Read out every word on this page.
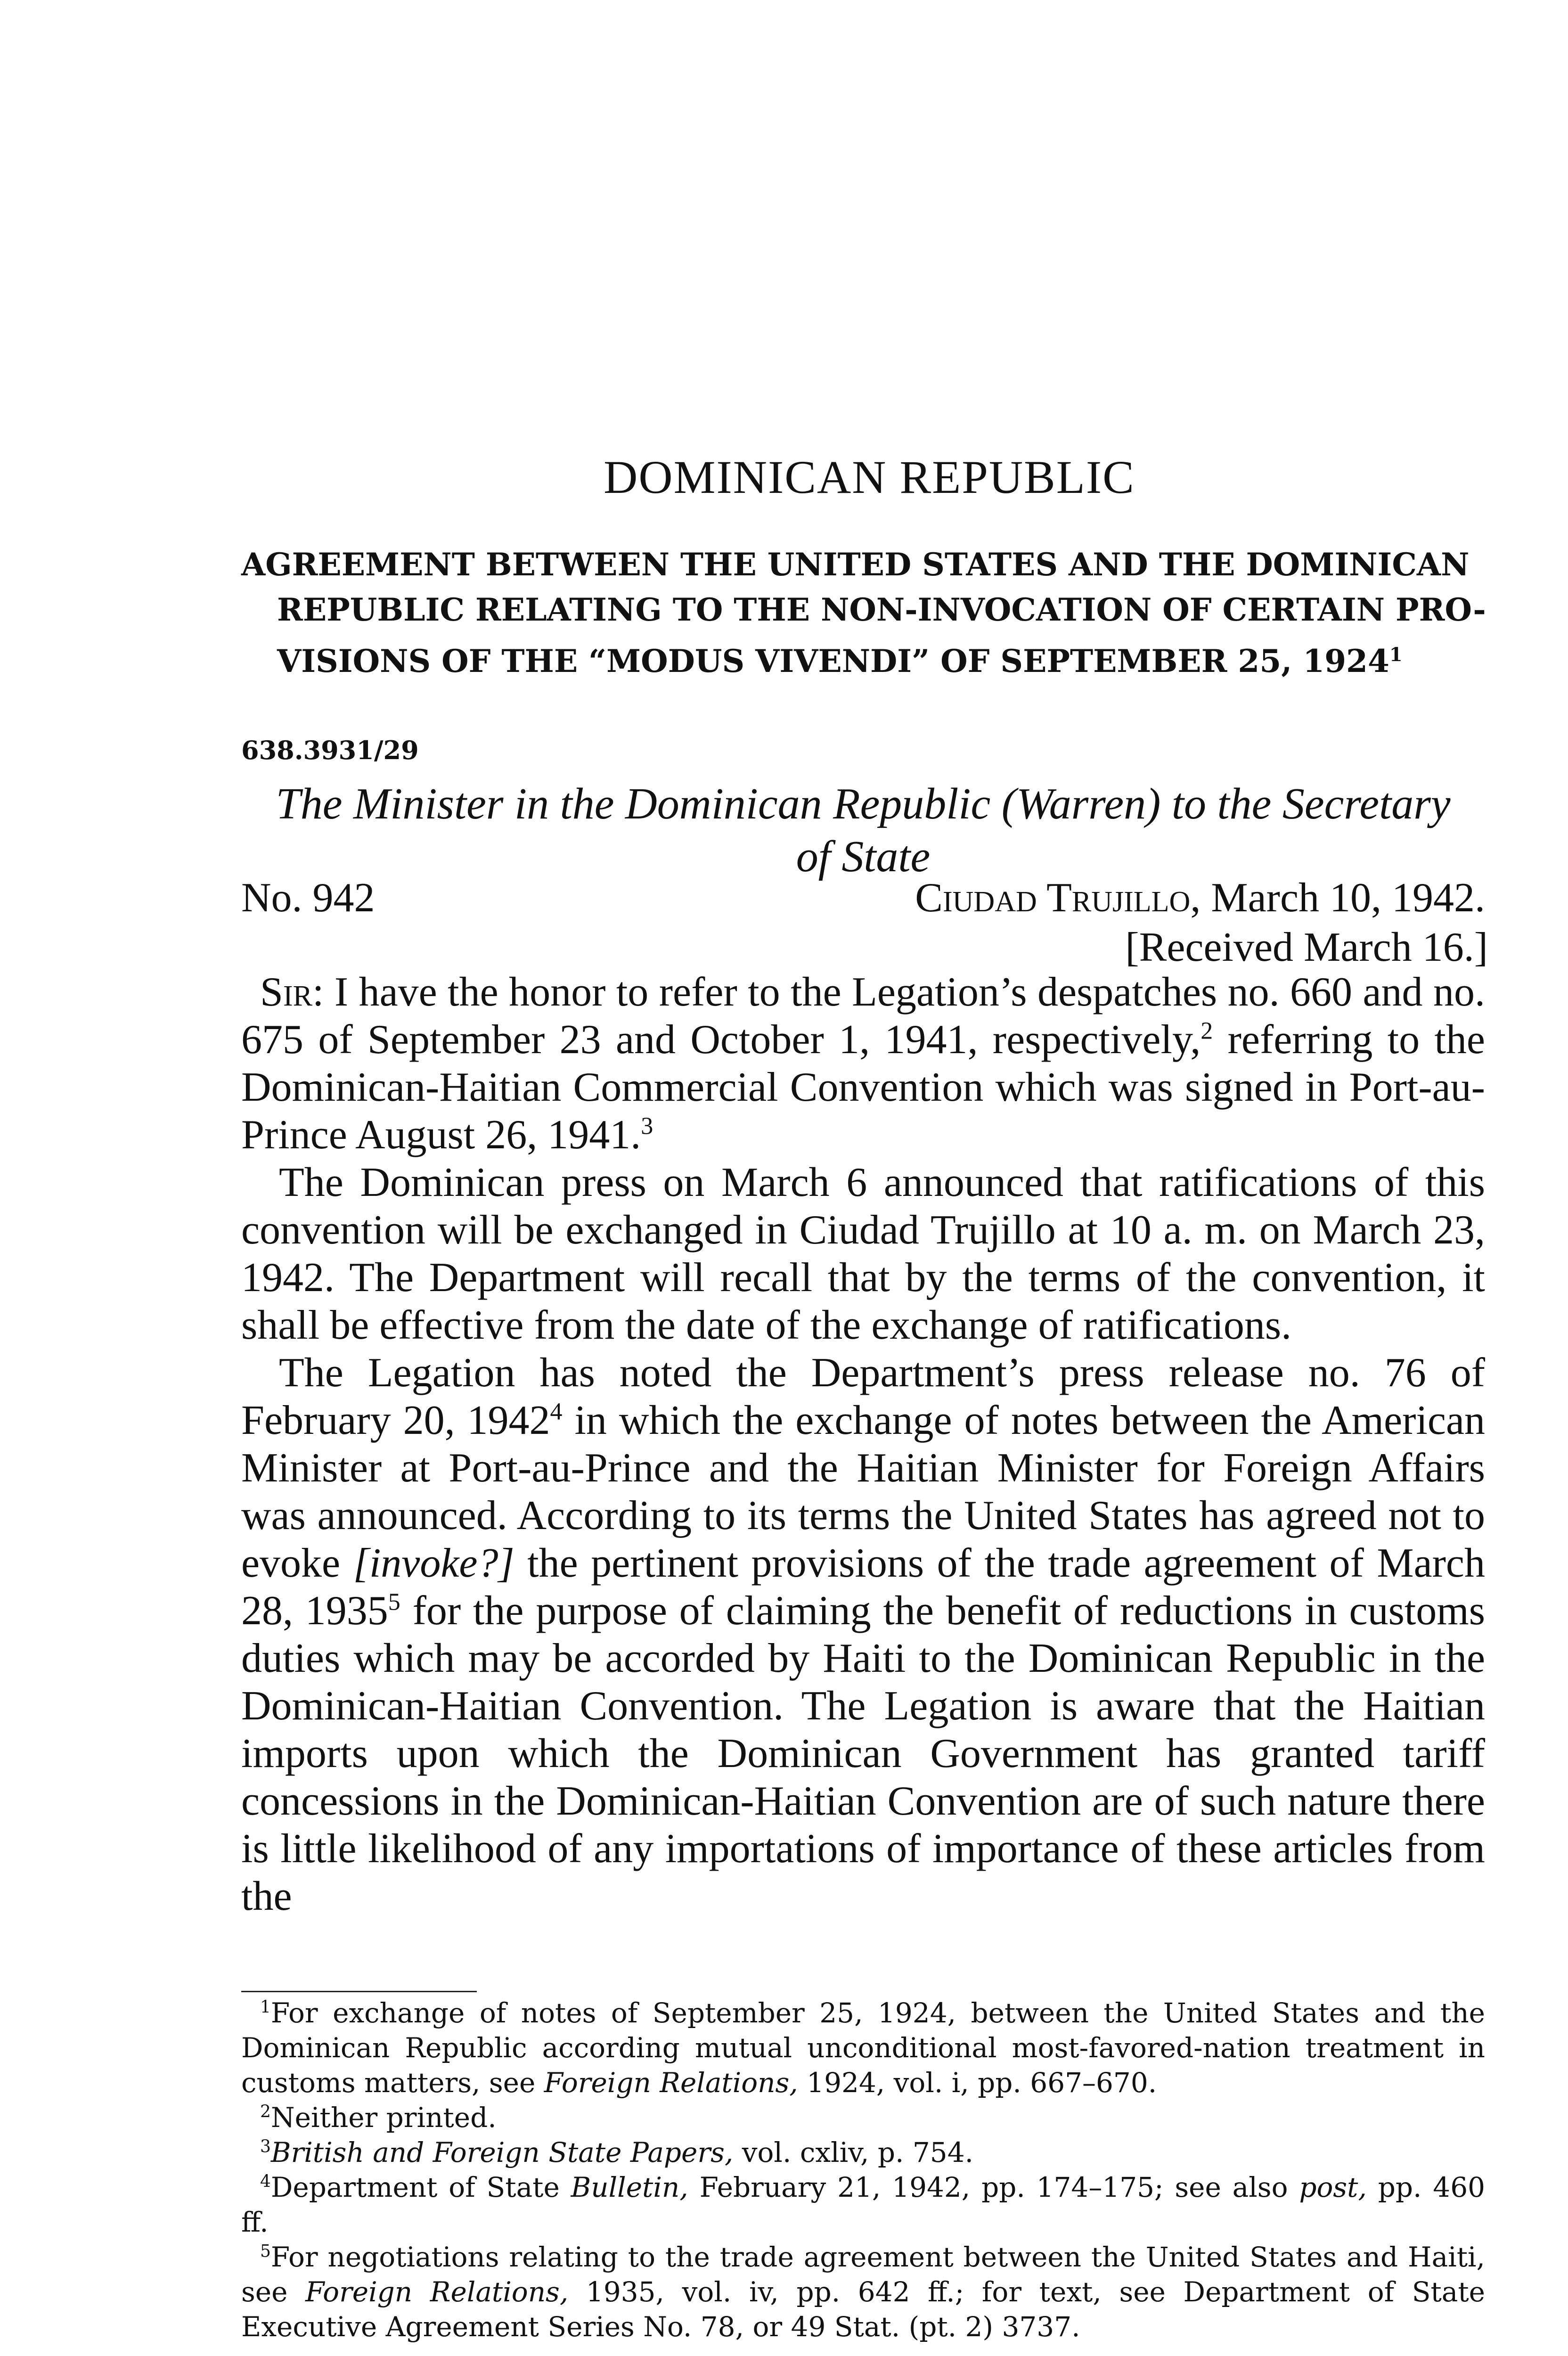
DOMINICAN REPUBLIC
AGREEMENT BETWEEN THE UNITED STATES AND THE DOMINICAN
REPUBLIC RELATING TO THE NON-INVOCATION OF CERTAIN PRO-
VISIONS OF THE “MODUS VIVENDI” OF SEPTEMBER 25, 1924$^1$
638.3931/29
The Minister in the Dominican Republic (Warren) to the Secretary
of State
No. 942	Ciudad Trujillo, March 10, 1942.
[Received March 16.]

Sir: I have the honor to refer to the Legation’s despatches no. 660 and no. 675 of September 23 and October 1, 1941, respectively,$^2$ referring to the Dominican-Haitian Commercial Convention which was signed in Port-au-Prince August 26, 1941.$^3$

The Dominican press on March 6 announced that ratifications of this convention will be exchanged in Ciudad Trujillo at 10 a. m. on March 23, 1942. The Department will recall that by the terms of the convention, it shall be effective from the date of the exchange of ratifications.

The Legation has noted the Department’s press release no. 76 of February 20, 1942$^4$ in which the exchange of notes between the American Minister at Port-au-Prince and the Haitian Minister for Foreign Affairs was announced. According to its terms the United States has agreed not to evoke [invoke?] the pertinent provisions of the trade agreement of March 28, 1935$^5$ for the purpose of claiming the benefit of reductions in customs duties which may be accorded by Haiti to the Dominican Republic in the Dominican-Haitian Convention. The Legation is aware that the Haitian imports upon which the Dominican Government has granted tariff concessions in the Dominican-Haitian Convention are of such nature there is little likelihood of any importations of importance of these articles from the

$^1$For exchange of notes of September 25, 1924, between the United States and the Dominican Republic according mutual unconditional most-favored-nation treatment in customs matters, see Foreign Relations, 1924, vol. i, pp. 667–670.

$^2$Neither printed.

$^3$British and Foreign State Papers, vol. cxliv, p. 754.

$^4$Department of State Bulletin, February 21, 1942, pp. 174–175; see also post, pp. 460 ff.

$^5$For negotiations relating to the trade agreement between the United States and Haiti, see Foreign Relations, 1935, vol. iv, pp. 642 ff.; for text, see Department of State Executive Agreement Series No. 78, or 49 Stat. (pt. 2) 3737.
